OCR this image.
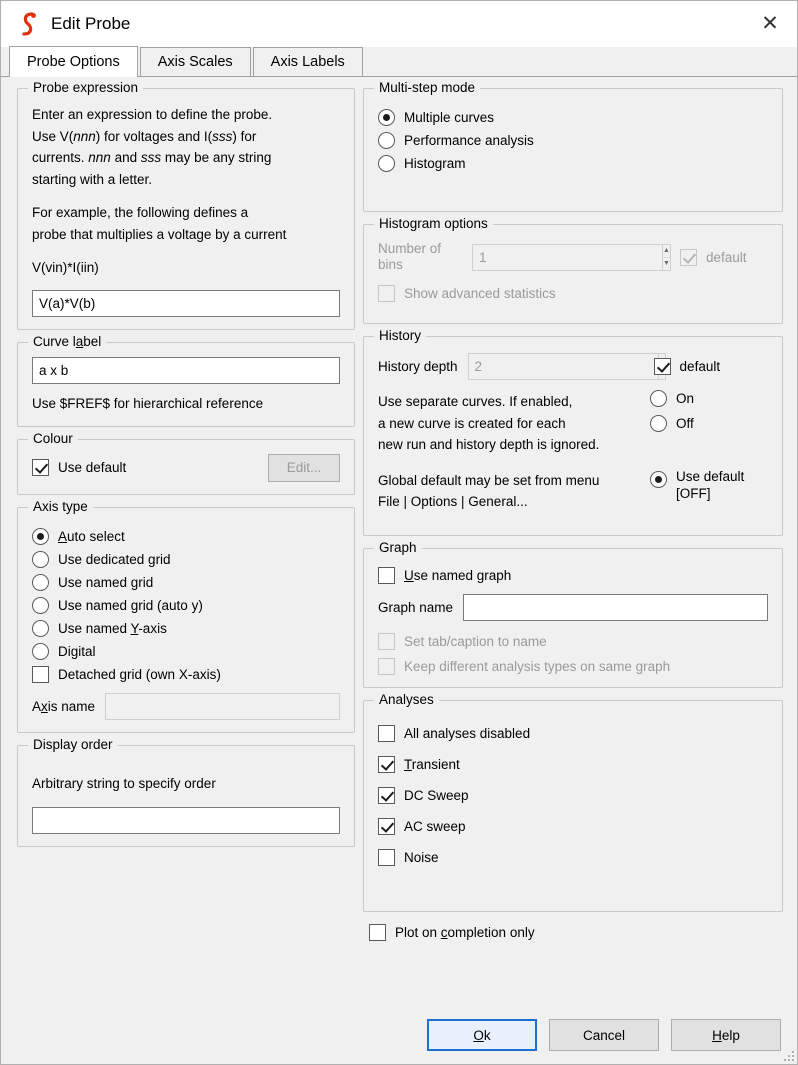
Edit Probe	✕
Probe Options	Axis Scales	Axis Labels
Probe expression

Enter an expression to define the probe.

Use V(nnn) for voltages and I(sss) for

currents. nnn and sss may be any string

starting with a letter.

For example, the following defines a

probe that multiplies a voltage by a current

V(vin)*I(iin)

V(a)*V(b)
Curve label
a x b

Use $FREF$ for hierarchical reference

Colour
Use default	Edit...
Axis type
Auto select
Use dedicated grid
Use named grid
Use named grid (auto y)
Use named Y-axis
Digital
Detached grid (own X-axis)
Axis name
Display order

Arbitrary string to specify order

Multi-step mode
Multiple curves
Performance analysis
Histogram
Histogram options
Number of bins
1
▲
▼	default
Show advanced statistics
History
History depth
2	default

Use separate curves. If enabled,

a new curve is created for each

new run and history depth is ignored.

On
Off

Global default may be set from menu

File | Options | General...

Use default
[OFF]
Graph
Use named graph
Graph name
Set tab/caption to name
Keep different analysis types on same graph
Analyses
All analyses disabled
Transient
DC Sweep
AC sweep
Noise
Plot on completion only
Ok	Cancel	Help
